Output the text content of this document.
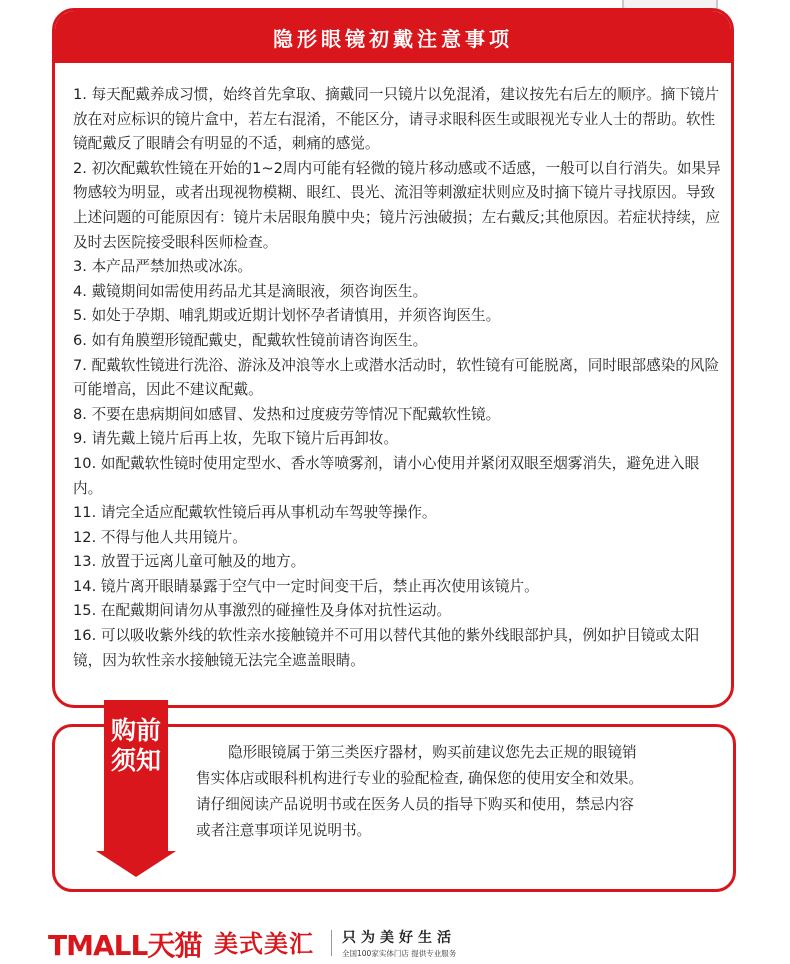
隐形眼镜初戴注意事项

1. 每天配戴养成习惯，始终首先拿取、摘戴同一只镜片以免混淆，建议按先右后左的顺序。摘下镜片放在对应标识的镜片盒中，若左右混淆，不能区分，请寻求眼科医生或眼视光专业人士的帮助。软性镜配戴反了眼睛会有明显的不适，刺痛的感觉。

2. 初次配戴软性镜在开始的1~2周内可能有轻微的镜片移动感或不适感，一般可以自行消失。如果异物感较为明显，或者出现视物模糊、眼红、畏光、流泪等刺激症状则应及时摘下镜片寻找原因。导致上述问题的可能原因有：镜片未居眼角膜中央；镜片污浊破损；左右戴反;其他原因。若症状持续，应及时去医院接受眼科医师检查。

3. 本产品严禁加热或冰冻。

4. 戴镜期间如需使用药品尤其是滴眼液，须咨询医生。

5. 如处于孕期、哺乳期或近期计划怀孕者请慎用，并须咨询医生。

6. 如有角膜塑形镜配戴史，配戴软性镜前请咨询医生。

7. 配戴软性镜进行洗浴、游泳及冲浪等水上或潜水活动时，软性镜有可能脱离，同时眼部感染的风险可能增高，因此不建议配戴。

8. 不要在患病期间如感冒、发热和过度疲劳等情况下配戴软性镜。

9. 请先戴上镜片后再上妆，先取下镜片后再卸妆。

10. 如配戴软性镜时使用定型水、香水等喷雾剂，请小心使用并紧闭双眼至烟雾消失，避免进入眼内。

11. 请完全适应配戴软性镜后再从事机动车驾驶等操作。

12. 不得与他人共用镜片。

13. 放置于远离儿童可触及的地方。

14. 镜片离开眼睛暴露于空气中一定时间变干后，禁止再次使用该镜片。

15. 在配戴期间请勿从事激烈的碰撞性及身体对抗性运动。

16. 可以吸收紫外线的软性亲水接触镜并不可用以替代其他的紫外线眼部护具，例如护目镜或太阳镜，因为软性亲水接触镜无法完全遮盖眼睛。

购前须知	隐形眼镜属于第三类医疗器材，购买前建议您先去正规的眼镜销

售实体店或眼科机构进行专业的验配检查, 确保您的使用安全和效果。

请仔细阅读产品说明书或在医务人员的指导下购买和使用，禁忌内容

或者注意事项详见说明书。

TMALL天猫 美式美汇 只为美好生活
全国100家实体门店 提供专业服务
